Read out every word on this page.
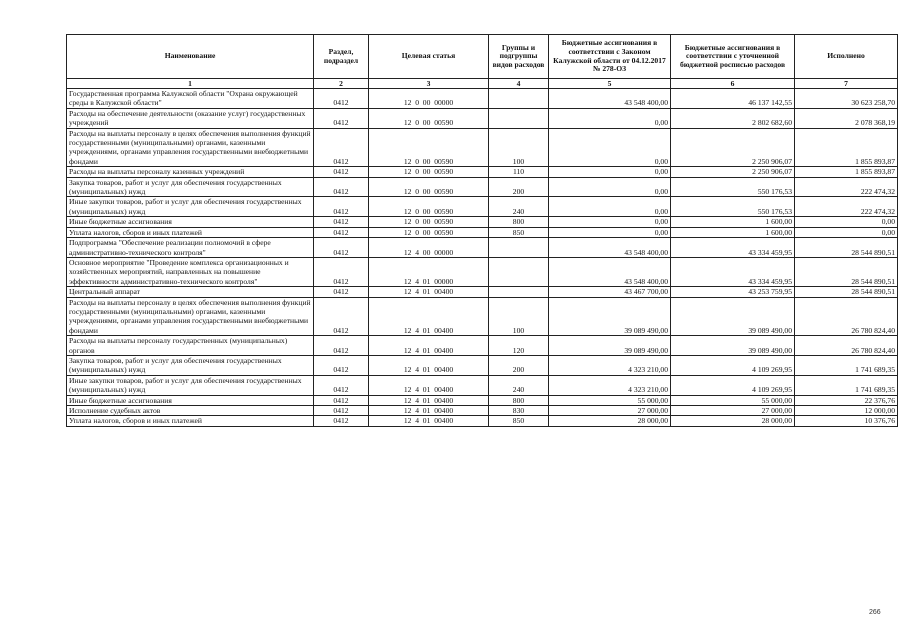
Наименование	Раздел, подраздел	Целевая статья	Группы и подгруппы видов расходов	Бюджетные ассигнования в соответствии с Законом Калужской области от 04.12.2017 № 278-ОЗ	Бюджетные ассигнования в соответствии с уточненной бюджетной росписью расходов	Исполнено
1	2	3	4	5	6	7
Государственная программа Калужской области "Охрана окружающей среды в Калужской области"	0412	12  0  00  00000		43 548 400,00	46 137 142,55	30 623 258,70
Расходы на обеспечение деятельности (оказание услуг) государственных учреждений	0412	12  0  00  00590		0,00	2 802 682,60	2 078 368,19
Расходы на выплаты персоналу в целях обеспечения выполнения функций государственными (муниципальными) органами, казенными учреждениями, органами управления государственными внебюджетными фондами	0412	12  0  00  00590	100	0,00	2 250 906,07	1 855 893,87
Расходы на выплаты персоналу казенных учреждений	0412	12  0  00  00590	110	0,00	2 250 906,07	1 855 893,87
Закупка товаров, работ и услуг для обеспечения государственных (муниципальных) нужд	0412	12  0  00  00590	200	0,00	550 176,53	222 474,32
Иные закупки товаров, работ и услуг для обеспечения государственных (муниципальных) нужд	0412	12  0  00  00590	240	0,00	550 176,53	222 474,32
Иные бюджетные ассигнования	0412	12  0  00  00590	800	0,00	1 600,00	0,00
Уплата налогов, сборов и иных платежей	0412	12  0  00  00590	850	0,00	1 600,00	0,00
Подпрограмма "Обеспечение реализации полномочий в сфере административно-технического контроля"	0412	12  4  00  00000		43 548 400,00	43 334 459,95	28 544 890,51
Основное мероприятие "Проведение комплекса организационных и хозяйственных мероприятий, направленных на повышение эффективности административно-технического контроля"	0412	12  4  01  00000		43 548 400,00	43 334 459,95	28 544 890,51
Центральный аппарат	0412	12  4  01  00400		43 467 700,00	43 253 759,95	28 544 890,51
Расходы на выплаты персоналу в целях обеспечения выполнения функций государственными (муниципальными) органами, казенными учреждениями, органами управления государственными внебюджетными фондами	0412	12  4  01  00400	100	39 089 490,00	39 089 490,00	26 780 824,40
Расходы на выплаты персоналу государственных (муниципальных) органов	0412	12  4  01  00400	120	39 089 490,00	39 089 490,00	26 780 824,40
Закупка товаров, работ и услуг для обеспечения государственных (муниципальных) нужд	0412	12  4  01  00400	200	4 323 210,00	4 109 269,95	1 741 689,35
Иные закупки товаров, работ и услуг для обеспечения государственных (муниципальных) нужд	0412	12  4  01  00400	240	4 323 210,00	4 109 269,95	1 741 689,35
Иные бюджетные ассигнования	0412	12  4  01  00400	800	55 000,00	55 000,00	22 376,76
Исполнение судебных актов	0412	12  4  01  00400	830	27 000,00	27 000,00	12 000,00
Уплата налогов, сборов и иных платежей	0412	12  4  01  00400	850	28 000,00	28 000,00	10 376,76
266
